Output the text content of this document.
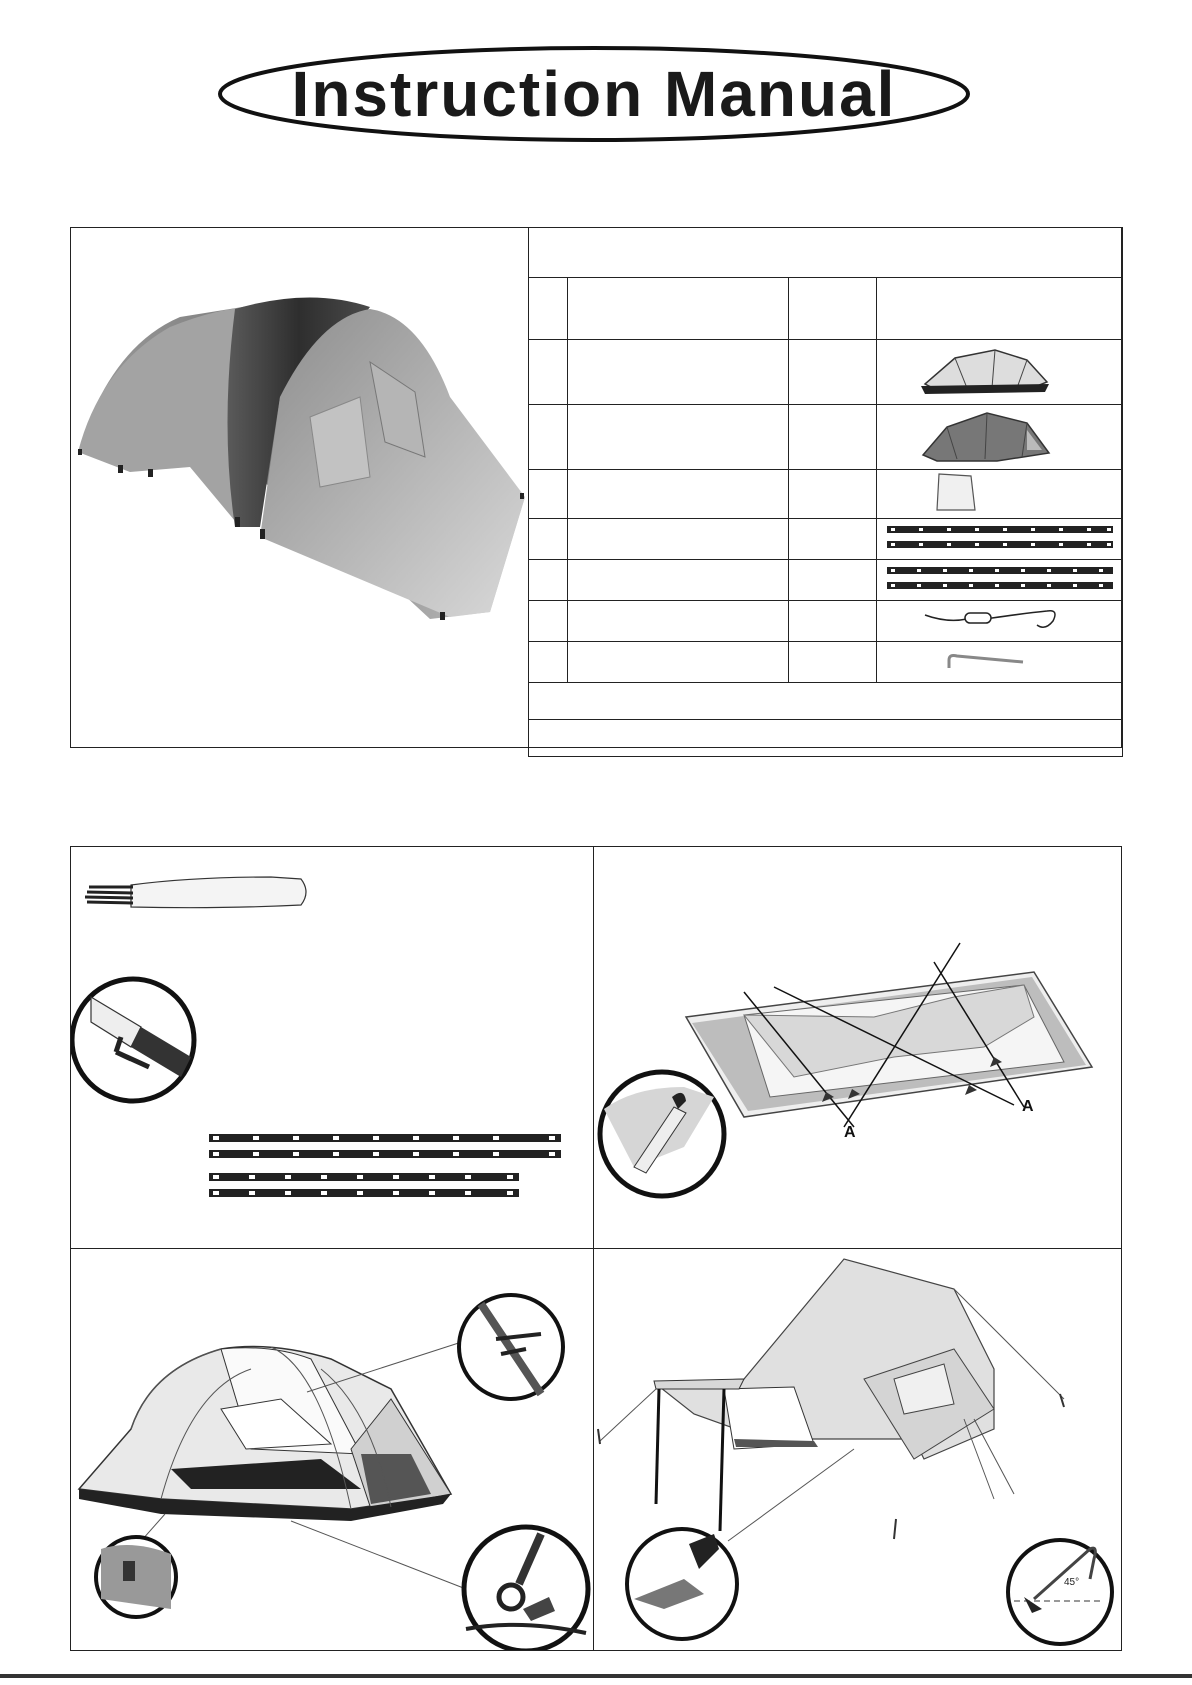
Instruction Manual

A
A
45°
